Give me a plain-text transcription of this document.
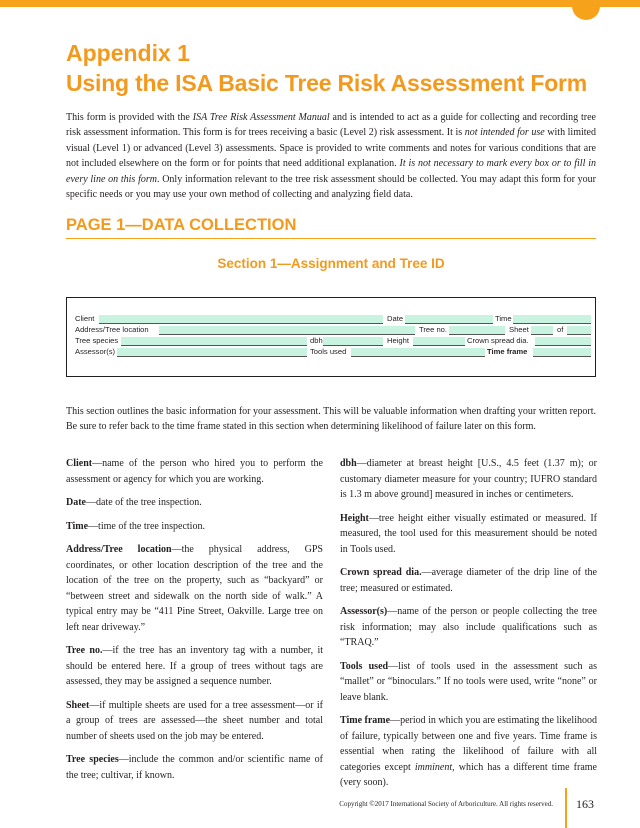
Appendix 1
Using the ISA Basic Tree Risk Assessment Form
This form is provided with the ISA Tree Risk Assessment Manual and is intended to act as a guide for collecting and recording tree risk assessment information. This form is for trees receiving a basic (Level 2) risk assessment. It is not intended for use with limited visual (Level 1) or advanced (Level 3) assessments. Space is provided to write comments and notes for various conditions that are not included elsewhere on the form or for points that need additional explanation. It is not necessary to mark every box or to fill in every line on this form. Only information relevant to the tree risk assessment should be collected. You may adapt this form for your specific needs or you may use your own method of collecting and analyzing field data.
PAGE 1—DATA COLLECTION
Section 1—Assignment and Tree ID
Client	Date	Time
Address/Tree location	Tree no.	Sheet	of
Tree species	dbh	Height	Crown spread dia.
Assessor(s)	Tools used	Time frame
This section outlines the basic information for your assessment. This will be valuable information when drafting your written report. Be sure to refer back to the time frame stated in this section when determining likelihood of failure later on this form.

Client—name of the person who hired you to perform the assessment or agency for which you are working.

Date—date of the tree inspection.

Time—time of the tree inspection.

Address/Tree location—the physical address, GPS coordinates, or other location description of the tree and the location of the tree on the property, such as “backyard” or “between street and sidewalk on the north side of walk.” A typical entry may be “411 Pine Street, Oakville. Large tree on left near driveway.”

Tree no.—if the tree has an inventory tag with a number, it should be entered here. If a group of trees without tags are assessed, they may be assigned a sequence number.

Sheet—if multiple sheets are used for a tree assessment—or if a group of trees are assessed—the sheet number and total number of sheets used on the job may be entered.

Tree species—include the common and/or scientific name of the tree; cultivar, if known.

dbh—diameter at breast height [U.S., 4.5 feet (1.37 m); or customary diameter measure for your country; IUFRO standard is 1.3 m above ground] measured in inches or centimeters.

Height—tree height either visually estimated or measured. If measured, the tool used for this measurement should be noted in Tools used.

Crown spread dia.—average diameter of the drip line of the tree; measured or estimated.

Assessor(s)—name of the person or people collecting the tree risk information; may also include qualifications such as “TRAQ.”

Tools used—list of tools used in the assessment such as “mallet” or “binoculars.” If no tools were used, write “none” or leave blank.

Time frame—period in which you are estimating the likelihood of failure, typically between one and five years. Time frame is essential when rating the likelihood of failure with all categories except imminent, which has a different time frame (very soon).

Copyright ©2017 International Society of Arboriculture. All rights reserved. 163
